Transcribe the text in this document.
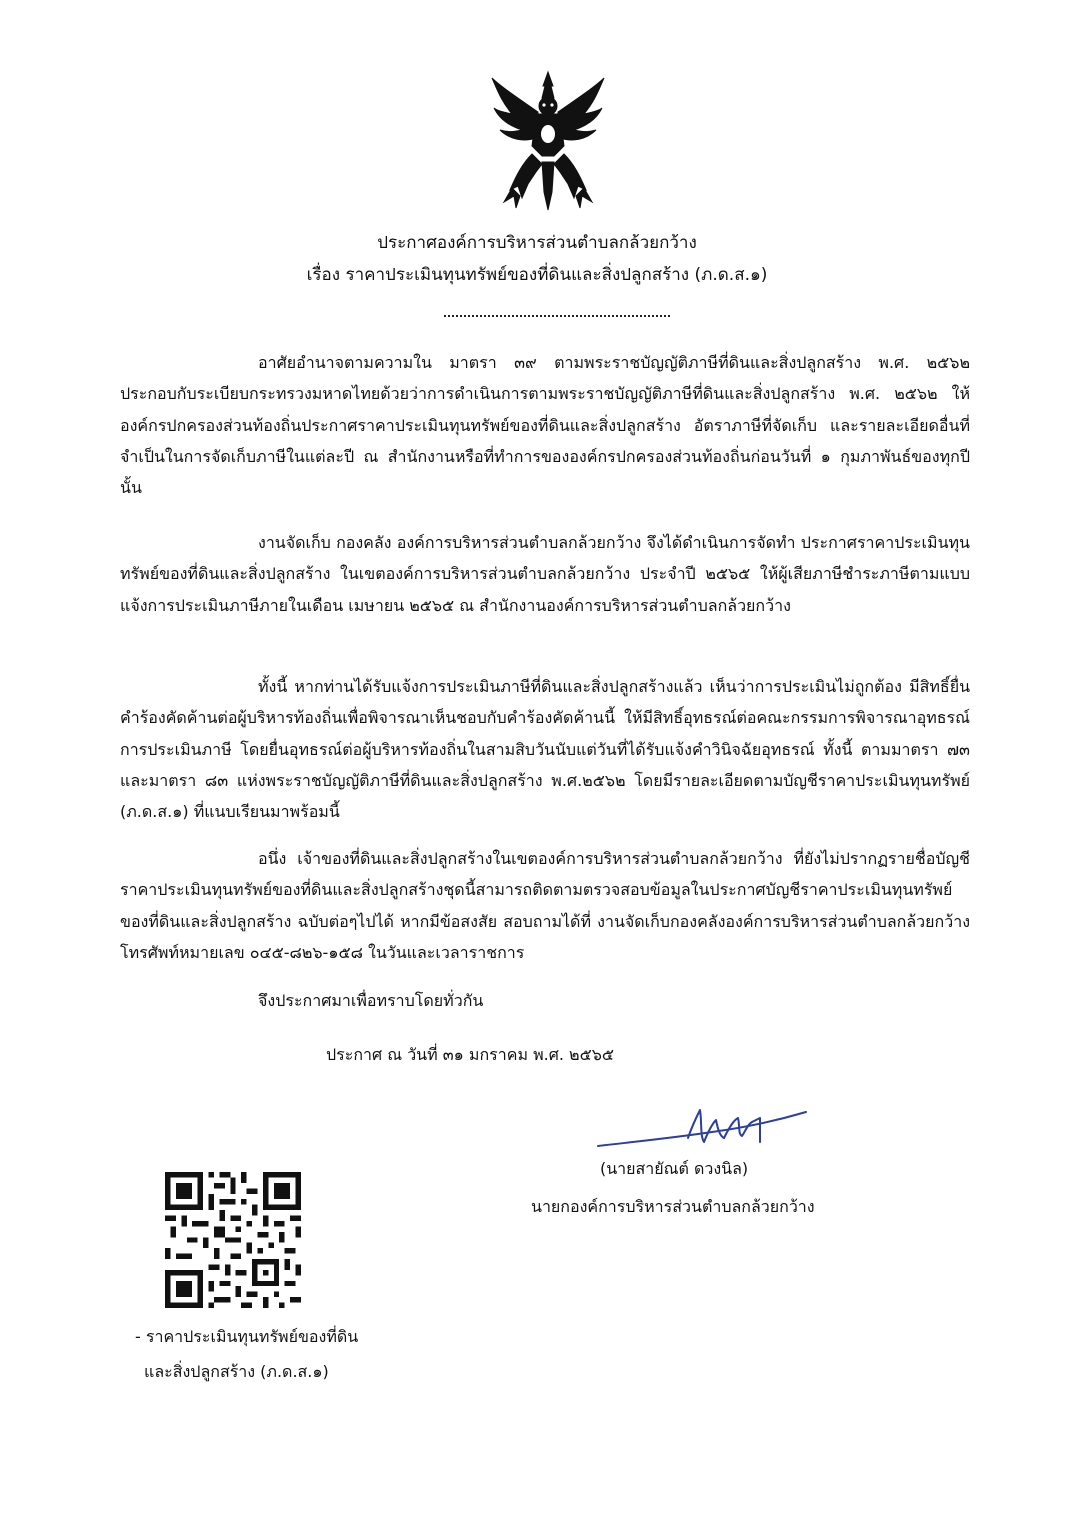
ประกาศองค์การบริหารส่วนตำบลกล้วยกว้าง
เรื่อง ราคาประเมินทุนทรัพย์ของที่ดินและสิ่งปลูกสร้าง (ภ.ด.ส.๑)
อาศัยอำนาจตามความใน มาตรา ๓๙ ตามพระราชบัญญัติภาษีที่ดินและสิ่งปลูกสร้าง พ.ศ. ๒๕๖๒ ประกอบกับระเบียบกระทรวงมหาดไทยด้วยว่าการดำเนินการตามพระราชบัญญัติภาษีที่ดินและสิ่งปลูกสร้าง พ.ศ. ๒๕๖๒ ให้องค์กรปกครองส่วนท้องถิ่นประกาศราคาประเมินทุนทรัพย์ของที่ดินและสิ่งปลูกสร้าง อัตราภาษีที่จัดเก็บ และรายละเอียดอื่นที่จำเป็นในการจัดเก็บภาษีในแต่ละปี ณ สำนักงานหรือที่ทำการขององค์กรปกครองส่วนท้องถิ่นก่อนวันที่ ๑ กุมภาพันธ์ของทุกปี นั้น
งานจัดเก็บ กองคลัง องค์การบริหารส่วนตำบลกล้วยกว้าง จึงได้ดำเนินการจัดทำ ประกาศราคาประเมินทุนทรัพย์ของที่ดินและสิ่งปลูกสร้าง ในเขตองค์การบริหารส่วนตำบลกล้วยกว้าง ประจำปี ๒๕๖๕ ให้ผู้เสียภาษีชำระภาษีตามแบบแจ้งการประเมินภาษีภายในเดือน เมษายน ๒๕๖๕ ณ สำนักงานองค์การบริหารส่วนตำบลกล้วยกว้าง
ทั้งนี้ หากท่านได้รับแจ้งการประเมินภาษีที่ดินและสิ่งปลูกสร้างแล้ว เห็นว่าการประเมินไม่ถูกต้อง มีสิทธิ์ยื่นคำร้องคัดค้านต่อผู้บริหารท้องถิ่นเพื่อพิจารณาเห็นชอบกับคำร้องคัดค้านนี้ ให้มีสิทธิ์อุทธรณ์ต่อคณะกรรมการพิจารณาอุทธรณ์การประเมินภาษี โดยยื่นอุทธรณ์ต่อผู้บริหารท้องถิ่นในสามสิบวันนับแต่วันที่ได้รับแจ้งคำวินิจฉัยอุทธรณ์ ทั้งนี้ ตามมาตรา ๗๓ และมาตรา ๘๓ แห่งพระราชบัญญัติภาษีที่ดินและสิ่งปลูกสร้าง พ.ศ.๒๕๖๒ โดยมีรายละเอียดตามบัญชีราคาประเมินทุนทรัพย์ (ภ.ด.ส.๑) ที่แนบเรียนมาพร้อมนี้
อนึ่ง เจ้าของที่ดินและสิ่งปลูกสร้างในเขตองค์การบริหารส่วนตำบลกล้วยกว้าง ที่ยังไม่ปรากฏรายชื่อบัญชีราคาประเมินทุนทรัพย์ของที่ดินและสิ่งปลูกสร้างชุดนี้สามารถติดตามตรวจสอบข้อมูลในประกาศบัญชีราคาประเมินทุนทรัพย์ของที่ดินและสิ่งปลูกสร้าง ฉบับต่อๆไปได้ หากมีข้อสงสัย สอบถามได้ที่ งานจัดเก็บกองคลังองค์การบริหารส่วนตำบลกล้วยกว้าง โทรศัพท์หมายเลข ๐๔๕-๘๒๖-๑๕๘ ในวันและเวลาราชการ
จึงประกาศมาเพื่อทราบโดยทั่วกัน
ประกาศ ณ วันที่ ๓๑ มกราคม พ.ศ. ๒๕๖๕
(นายสายัณต์ ดวงนิล)
นายกองค์การบริหารส่วนตำบลกล้วยกว้าง
- ราคาประเมินทุนทรัพย์ของที่ดิน
และสิ่งปลูกสร้าง (ภ.ด.ส.๑)
